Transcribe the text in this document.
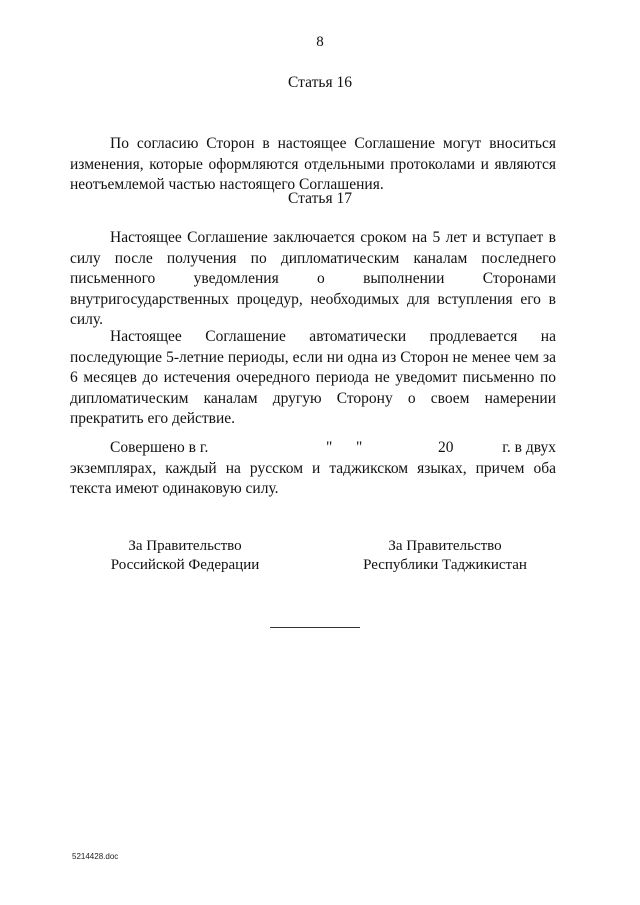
8
Статья 16
По согласию Сторон в настоящее Соглашение могут вноситься изменения, которые оформляются отдельными протоколами и являются неотъемлемой частью настоящего Соглашения.
Статья 17
Настоящее Соглашение заключается сроком на 5 лет и вступает в силу после получения по дипломатическим каналам последнего письменного уведомления о выполнении Сторонами внутригосударственных процедур, необходимых для вступления его в силу.
Настоящее Соглашение автоматически продлевается на последующие 5-летние периоды, если ни одна из Сторон не менее чем за 6 месяцев до истечения очередного периода не уведомит письменно по дипломатическим каналам другую Сторону о своем намерении прекратить его действие.
Совершено в г.	" "	20	г. в двух
экземплярах, каждый на русском и таджикском языках, причем оба текста имеют одинаковую силу.
За Правительство
Российской Федерации
За Правительство
Республики Таджикистан
5214428.doc
